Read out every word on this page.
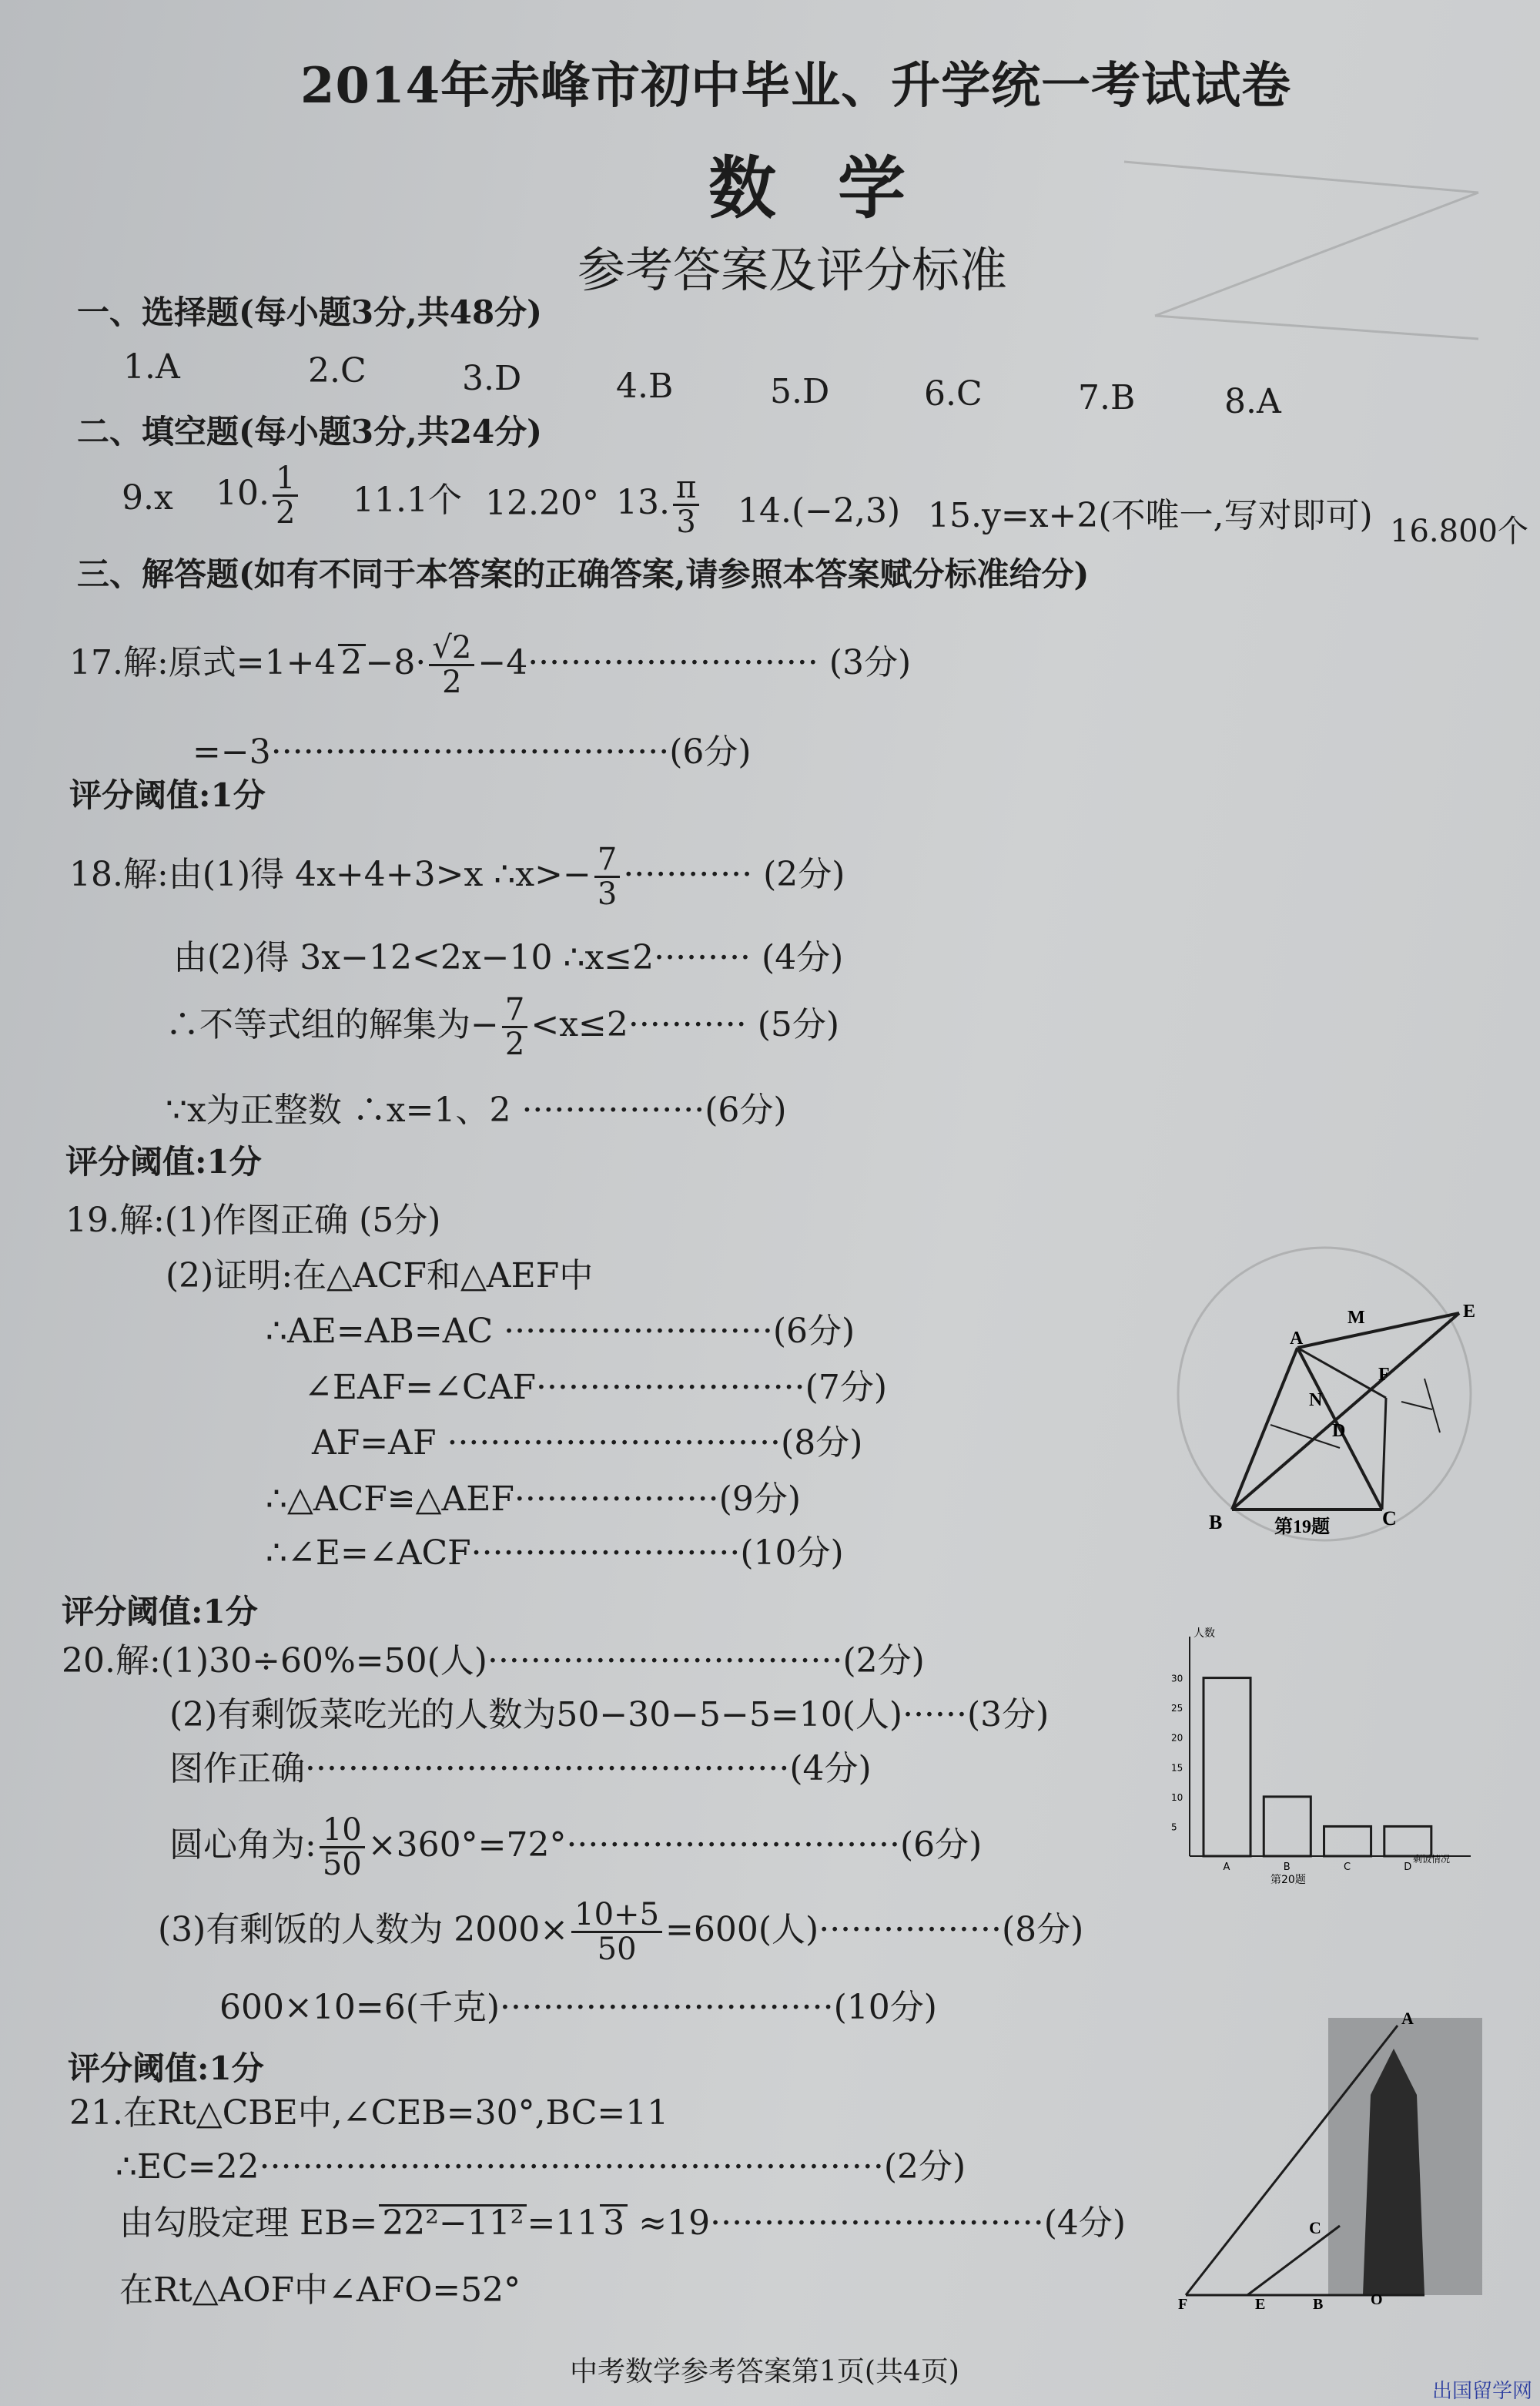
2014年赤峰市初中毕业、升学统一考试试卷
数学
参考答案及评分标准
一、选择题(每小题3分,共48分)
1.A	2.C	3.D	4.B	5.D	6.C	7.B	8.A
二、填空题(每小题3分,共24分)
9.x 10. $\frac{1}{2} 11.1$个 12.20° 13. $\frac{\pi}{3} 14.(-2,3)$ 15.y=x+2(不唯一,写对即可) 16.800个
三、解答题(如有不同于本答案的正确答案,请参照本答案赋分标准给分)
17.解:原式=1+4 $2-8\cdot \frac{√2}{2} -4\cdot\cdot\cdot\cdot\cdot\cdot\cdot\cdot\cdot\cdot\cdot\cdot\cdot\cdot\cdot\cdot\cdot\cdot\cdot\cdot\cdot\cdot\cdot\cdot\cdot\cdot\cdot (3$分)
=−3·····································(6分)
评分阈值:1分
18.解:由(1)得 4x+4+3>x ∴x>− $\frac{7}{3}$ ············ (2分)
由(2)得 3x−12<2x−10 ∴x≤2········· (4分)
∴不等式组的解集为− $\frac{7}{2} <x\le 2\cdot\cdot\cdot\cdot\cdot\cdot\cdot\cdot\cdot\cdot\cdot (5$分)
∵x为正整数 ∴x=1、2 ·················(6分)
评分阈值:1分
19.解:(1)作图正确 (5分)
(2)证明:在△ACF和△AEF中
∴AE=AB=AC ·························(6分)
∠EAF=∠CAF·························(7分)
AF=AF ·······························(8分)
∴△ACF≌△AEF···················(9分)
∴∠E=∠ACF·························(10分)
评分阈值:1分
A
M	E
F
N
D
B	C
第19题
20.解:(1)30÷60%=50(人)·································(2分)
(2)有剩饭菜吃光的人数为50−30−5−5=10(人)······(3分)
图作正确·············································(4分)
圆心角为: $\frac{10}{50} \times 360^\circ=72^\circ\cdot\cdot\cdot\cdot\cdot\cdot\cdot\cdot\cdot\cdot\cdot\cdot\cdot\cdot\cdot\cdot\cdot\cdot\cdot\cdot\cdot\cdot\cdot\cdot\cdot\cdot\cdot\cdot\cdot\cdot\cdot(6$分)
(3)有剩饭的人数为 $2000\times \frac{10+5}{50} =600$(人)·················(8分)
600×10=6(千克)·······························(10分)
评分阈值:1分
人数
剩饭情况
第20题
30
25
20
15
10
5
A	B	C	D
21.在Rt△CBE中,∠CEB=30°,BC=11
∴EC=22··························································(2分)
由勾股定理 EB= 22²−11²=11 3 ≈19·······························(4分)
在Rt△AOF中∠AFO=52°
A
C
F	E	B	O
中考数学参考答案第1页(共4页)
出国留学网
